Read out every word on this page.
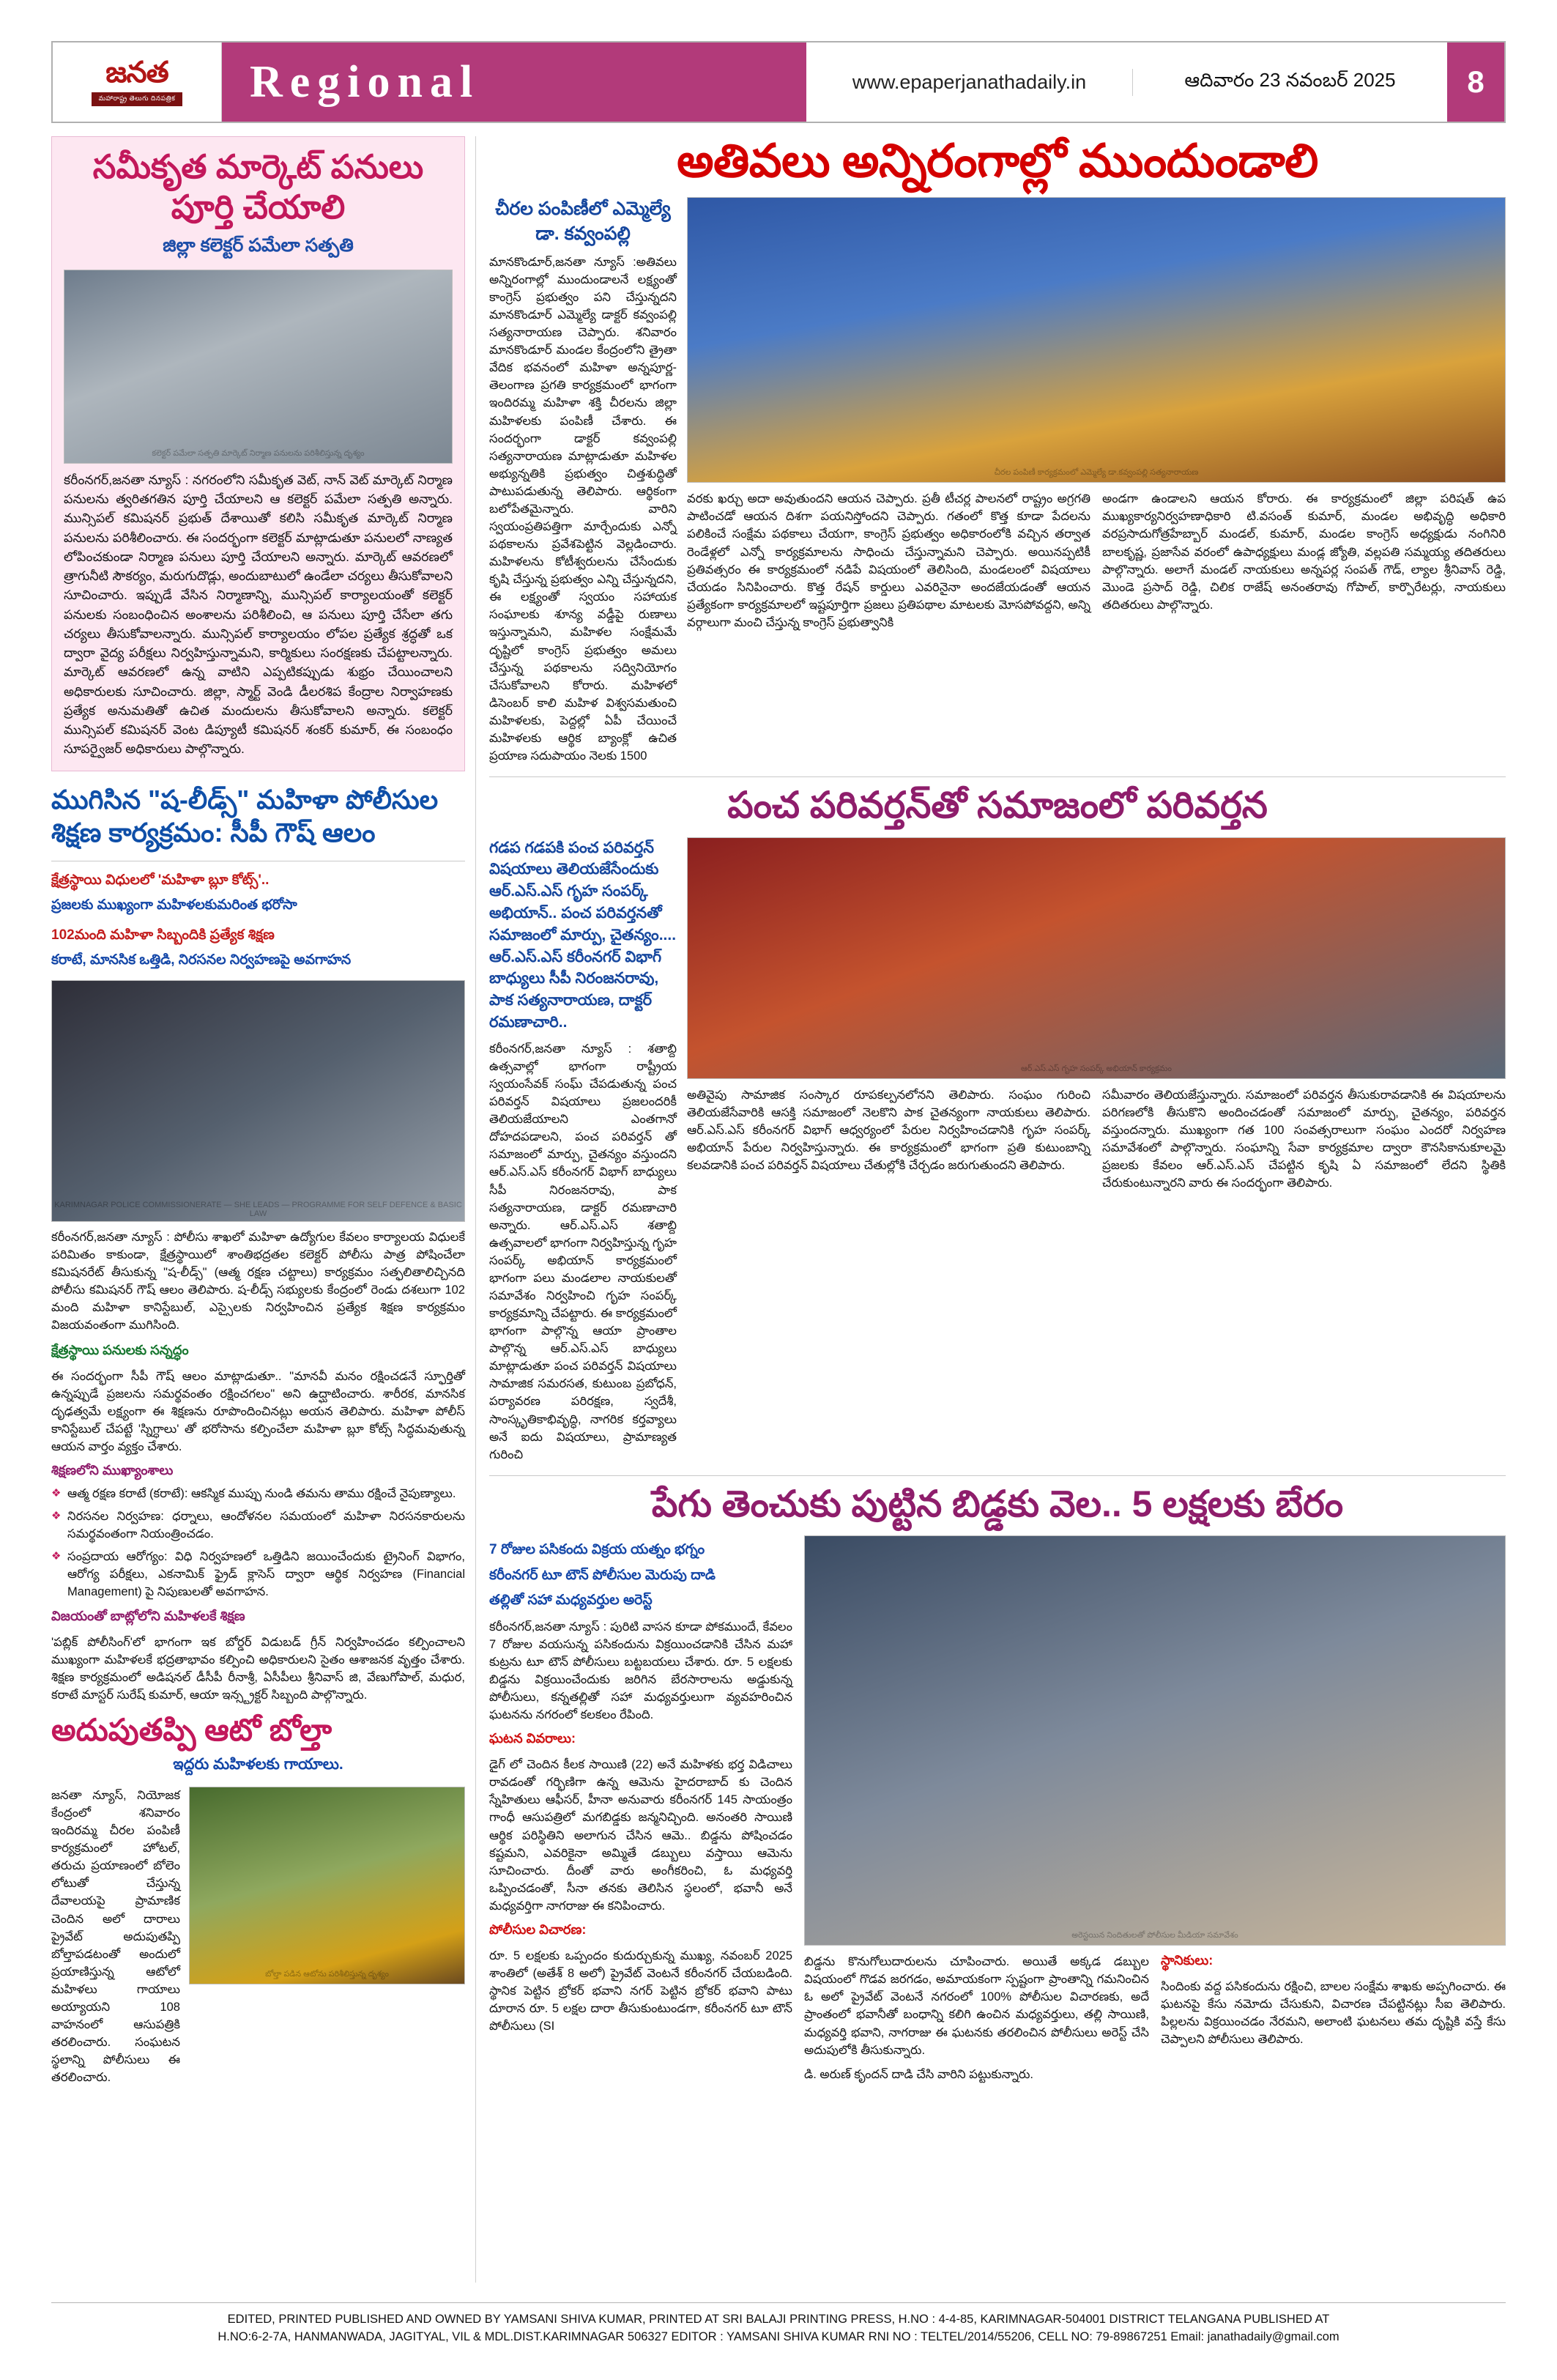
జనత
మహారాష్ట్ర తెలుగు దినపత్రిక	Regional	www.epaperjanathadaily.in	ఆదివారం 23 నవంబర్ 2025	8
సమీకృత మార్కెట్ పనులు పూర్తి చేయాలి
జిల్లా కలెక్టర్ పమేలా సత్పతి
కలెక్టర్ పమేలా సత్పతి మార్కెట్ నిర్మాణ పనులను పరిశీలిస్తున్న దృశ్యం
కరీంనగర్,జనతా న్యూస్ : నగరంలోని సమీకృత వెట్, నాన్ వెట్ మార్కెట్ నిర్మాణ పనులను త్వరితగతిన పూర్తి చేయాలని ఆ కలెక్టర్ పమేలా సత్పతి అన్నారు. మున్సిపల్ కమిషనర్ ప్రభుత్ దేశాయితో కలిసి సమీకృత మార్కెట్ నిర్మాణ పనులను పరిశీలించారు. ఈ సందర్భంగా కలెక్టర్ మాట్లాడుతూ పనులలో నాణ్యత లోపించకుండా నిర్మాణ పనులు పూర్తి చేయాలని అన్నారు. మార్కెట్ ఆవరణలో త్రాగునీటి సౌకర్యం, మరుగుదొడ్లు, అందుబాటులో ఉండేలా చర్యలు తీసుకోవాలని సూచించారు. ఇప్పుడే వేసిన నిర్మాణాన్ని, మున్సిపల్ కార్యాలయంతో కలెక్టర్ పనులకు సంబంధించిన అంశాలను పరిశీలించి, ఆ పనులు పూర్తి చేసేలా తగు చర్యలు తీసుకోవాలన్నారు. మున్సిపల్ కార్యాలయం లోపల ప్రత్యేక శ్రద్ధతో ఒక ద్వారా వైద్య పరీక్షలు నిర్వహిస్తున్నామని, కార్మికులు సంరక్షణకు చేపట్టాలన్నారు. మార్కెట్ ఆవరణలో ఉన్న వాటిని ఎప్పటికప్పుడు శుభ్రం చేయించాలని అధికారులకు సూచించారు. జిల్లా, స్మార్ట్ వెండి డీలరశిప కేంద్రాల నిర్వాహణకు ప్రత్యేక అనుమతితో ఉచిత మందులను తీసుకోవాలని అన్నారు. కలెక్టర్ మున్సిపల్ కమిషనర్ వెంట డిప్యూటీ కమిషనర్ శంకర్ కుమార్, ఈ సంబంధం సూపర్వైజర్ అధికారులు పాల్గొన్నారు.
ముగిసిన "ష-లీడ్స్" మహిళా పోలీసుల శిక్షణ కార్యక్రమం: సీపీ గౌష్ ఆలం
క్షేత్రస్థాయి విధులలో 'మహిళా బ్లూ కోట్స్'..
ప్రజలకు ముఖ్యంగా మహిళలకుమరింత భరోసా
102మంది మహిళా సిబ్బందికి ప్రత్యేక శిక్షణ
కరాటే, మానసిక ఒత్తిడి, నిరసనల నిర్వహణపై అవగాహన
KARIMNAGAR POLICE COMMISSIONERATE — SHE LEADS — PROGRAMME FOR SELF DEFENCE & BASIC LAW
కరీంనగర్,జనతా న్యూస్ : పోలీసు శాఖలో మహిళా ఉద్యోగుల కేవలం కార్యాలయ విధులకే పరిమితం కాకుండా, క్షేత్రస్థాయిలో శాంతిభద్రతల కలెక్టర్ పోలీసు పాత్ర పోషించేలా కమిషనరేట్ తీసుకున్న "ష-లీడ్స్" (ఆత్మ రక్షణ చట్టాలు) కార్యక్రమం సత్ఫలితాలిచ్చినది పోలీసు కమిషనర్ గౌష్ ఆలం తెలిపారు. ష-లీడ్స్ సభ్యులకు కేంద్రంలో రెండు దశలుగా 102 మంది మహిళా కానిస్టేబుల్, ఎస్సైలకు నిర్వహించిన ప్రత్యేక శిక్షణ కార్యక్రమం విజయవంతంగా ముగిసింది.
క్షేత్రస్థాయి పనులకు సన్నద్ధం
ఈ సందర్భంగా సీపీ గౌష్ ఆలం మాట్లాడుతూ.. "మానవీ మనం రక్షించడనే స్ఫూర్తితో ఉన్నప్పుడే ప్రజలను సమర్థవంతం రక్షించగలం" అని ఉద్ఘాటించారు. శారీరక, మానసిక దృఢత్వమే లక్ష్యంగా ఈ శిక్షణను రూపొందించినట్లు అయన తెలిపారు. మహిళా పోలీస్ కానిస్టేబుల్ చేపట్టే 'స్నిగ్ధాలు' తో భరోసాను కల్పించేలా మహిళా బ్లూ కోట్స్ సిద్ధమవుతున్న ఆయన వార్తం వ్యక్తం చేశారు.
శిక్షణలోని ముఖ్యాంశాలు
❖ ఆత్మ రక్షణ కరాటే (కరాటే): ఆకస్మిక ముప్పు నుండి తమను తాము రక్షించే నైపుణ్యాలు.
❖ నిరసనల నిర్వహణ: ధర్నాలు, ఆందోళనల సమయంలో మహిళా నిరసనకారులను సమర్థవంతంగా నియంత్రించడం.
❖ సంప్రదాయ ఆరోగ్యం: విధి నిర్వహణలో ఒత్తిడిని జయించేందుకు ట్రైనింగ్ విభాగం, ఆరోగ్య పరీక్షలు, ఎకనామిక్ ఫ్రైడ్ క్లాసెస్ ద్వారా ఆర్థిక నిర్వహణ (Financial Management) పై నిపుణులతో అవగాహన.
విజయంతో బాట్లోలోని మహిళలకే శిక్షణ
'పబ్లిక్ పోలీసింగ్'లో భాగంగా ఇక బోర్డర్ విడుబడ్ గ్రీన్ నిర్వహించడం కల్పించాలని ముఖ్యంగా మహిళలకే భద్రతాభావం కల్పించి అధికారులని సైతం ఆశాజనక వృత్తం చేశారు. శిక్షణ కార్యక్రమంలో అడిషనల్ డీసీపీ రీనాశ్రీ, ఏసీపీలు శ్రీనివాస్ జి, వేణుగోపాల్, మధుర, కరాటే మాస్టర్ సురేష్ కుమార్, ఆయా ఇన్స్ట్రక్టర్ సిబ్బంది పాల్గొన్నారు.
అదుపుతప్పి ఆటో బోల్తా
ఇద్దరు మహిళలకు గాయాలు.
జనతా న్యూస్, నియోజక కేంద్రంలో శనివారం ఇందిరమ్మ చీరల పంపిణీ కార్యక్రమంలో హోటల్, తరుచు ప్రయాణంలో బోలెం లోటుతో చేస్తున్న దేవాలయపై ప్రామాణిక చెందిన అలో దారాలు ప్రైవేట్ అదుపుతప్పి బోల్తాపడటంతో అందులో ప్రయాణిస్తున్న ఆటోలో మహిళలు గాయాలు అయ్యాయని 108 వాహనంలో ఆసుపత్రికి తరలించారు. సంఘటన స్థలాన్ని పోలీసులు ఈ తరలించారు.
బోల్తా పడిన ఆటోను పరిశీలిస్తున్న దృశ్యం
అతివలు అన్నిరంగాల్లో ముందుండాలి
చీరల పంపిణీలో ఎమ్మెల్యే డా. కవ్వంపల్లి
మానకొండూర్,జనతా న్యూస్ :అతివలు అన్నిరంగాల్లో ముందుండాలనే లక్ష్యంతో కాంగ్రెస్ ప్రభుత్వం పని చేస్తున్నదని మానకొండూర్ ఎమ్మెల్యే డాక్టర్ కవ్వంపల్లి సత్యనారాయణ చెప్పారు. శనివారం మానకొండూర్ మండల కేంద్రంలోని త్రైతా వేదిక భవనంలో మహిళా అన్నపూర్ణ-తెలంగాణ ప్రగతి కార్యక్రమంలో భాగంగా ఇందిరమ్మ మహిళా శక్తి చీరలను జిల్లా మహిళలకు పంపిణీ చేశారు. ఈ సందర్భంగా డాక్టర్ కవ్వంపల్లి సత్యనారాయణ మాట్లాడుతూ మహిళల అభ్యున్నతికి ప్రభుత్వం చిత్తశుద్ధితో పాటుపడుతున్న తెలిపారు. ఆర్థికంగా బలోపేతమైన్నారు. వారిని స్వయంప్రతిపత్తిగా మార్చేందుకు ఎన్నో పథకాలను ప్రవేశపెట్టిన వెల్లడించారు. మహిళలను కోటీశ్వరులను చేసేందుకు కృషి చేస్తున్న ప్రభుత్వం ఎన్ని చేస్తున్నదని, ఈ లక్ష్యంతో స్వయం సహాయక సంఘాలకు శూన్య వడ్డీపై రుణాలు ఇస్తున్నామని, మహిళల సంక్షేమమే దృష్టిలో కాంగ్రెస్ ప్రభుత్వం అమలు చేస్తున్న పథకాలను సద్వినియోగం చేసుకోవాలని కోరారు. మహిళలో డిసెంబర్ కాలి మహిళ విశ్వసమతుంచి మహిళలకు, పెద్దల్లో ఏపీ చేయించే మహిళలకు ఆర్థిక బ్యాంక్లో ఉచిత ప్రయాణ సదుపాయం నెలకు 1500
చీరల పంపిణీ కార్యక్రమంలో ఎమ్మెల్యే డా.కవ్వంపల్లి సత్యనారాయణ
వరకు ఖర్చు అదా అవుతుందని ఆయన చెప్పారు. ప్రతీ టీచర్ల పాలనలో రాష్ట్రం అగ్రగతి పాటించడో ఆయన దిశగా పయనిస్తోందని చెప్పారు. గతంలో కొత్త కూడా పేదలను పలికించే సంక్షేమ పథకాలు చేయగా, కాంగ్రెస్ ప్రభుత్వం అధికారంలోకి వచ్చిన తర్వాత రెండేళ్లలో ఎన్నో కార్యక్రమాలను సాధించు చేస్తున్నామని చెప్పారు. అయినప్పటికీ ప్రతివత్సరం ఈ కార్యక్రమంలో నడిపే విషయంలో తెలిసింది, మండలంలో విషయాలు చేయడం సినిపించారు. కొత్త రేషన్ కార్డులు ఎవరినైనా అందజేయడంతో ఆయన ప్రత్యేకంగా కార్యక్రమాలలో ఇష్టపూర్తిగా ప్రజలు ప్రతిపథాల మాటలకు మోసపోవద్దని, అన్ని వర్గాలుగా మంచి చేస్తున్న కాంగ్రెస్ ప్రభుత్వానికి
అండగా ఉండాలని ఆయన కోరారు. ఈ కార్యక్రమంలో జిల్లా పరిషత్ ఉప ముఖ్యకార్యనిర్వహణాధికారి టి.వసంత్ కుమార్, మండల అభివృద్ధి అధికారి వరప్రసాదుగోత్రహేబ్బార్ మండల్, కుమార్, మండల కాంగ్రెస్ అధ్యక్షుడు నంగినిరి బాలకృష్ణ, ప్రజాసేవ వరంలో ఉపాధ్యక్షులు మండ్ల జ్యోతి, వల్లపతి సమ్మయ్య తదితరులు పాల్గొన్నారు. అలాగే మండల్ నాయకులు అన్నపర్ల సంపత్ గౌడ్, ల్యాల శ్రీనివాస్ రెడ్డి, మొండె ప్రసాద్ రెడ్డి, చిలిక రాజేష్ అనంతరావు గోపాల్, కార్పొరేటర్లు, నాయకులు తదితరులు పాల్గొన్నారు.
పంచ పరివర్తన్‌తో సమాజంలో పరివర్తన
గడప గడపకి పంచ పరివర్తన్ విషయాలు తెలియజేసేందుకు ఆర్.ఎస్.ఎస్ గృహ సంపర్క్ అభియాన్.. పంచ పరివర్తనతో సమాజంలో మార్పు, చైతన్యం.... ఆర్.ఎస్.ఎస్ కరీంనగర్ విభాగ్ బాధ్యులు సీపీ నిరంజనరావు, పాక సత్యనారాయణ, దాక్టర్ రమణాచారి..
కరీంనగర్,జనతా న్యూస్ : శతాబ్ది ఉత్సవాల్లో భాగంగా రాష్ట్రీయ స్వయంసేవక్ సంఘ్ చేపడుతున్న పంచ పరివర్తన్ విషయాలు ప్రజలందరికీ తెలియజేయాలని ఎంతగానో దోహదపడాలని, పంచ పరివర్తన్ తో సమాజంలో మార్పు, చైతన్యం వస్తుందని ఆర్.ఎస్.ఎస్ కరీంనగర్ విభాగ్ బాధ్యులు సీపీ నిరంజనరావు, పాక సత్యనారాయణ, డాక్టర్ రమణాచారి అన్నారు. ఆర్.ఎస్.ఎస్ శతాబ్ది ఉత్సవాలలో భాగంగా నిర్వహిస్తున్న గృహ సంపర్క్ అభియాన్ కార్యక్రమంలో భాగంగా పలు మండలాల నాయకులతో సమావేశం నిర్వహించి గృహ సంపర్క్ కార్యక్రమాన్ని చేపట్టారు. ఈ కార్యక్రమంలో భాగంగా పాల్గొన్న ఆయా ప్రాంతాల పాల్గొన్న ఆర్.ఎస్.ఎస్ బాధ్యులు మాట్లాడుతూ పంచ పరివర్తన్ విషయాలు సామాజిక సమరసత, కుటుంబ ప్రబోధన్, పర్యావరణ పరిరక్షణ, స్వదేశీ, సాంస్కృతికాభివృద్ధి, నాగరిక కర్తవ్యాలు అనే ఐదు విషయాలు, ప్రామాణ్యత గురించి
ఆర్.ఎస్.ఎస్ గృహ సంపర్క్ అభియాన్ కార్యక్రమం
అతివైపు సామాజిక సంస్కార రూపకల్పనలోనని తెలిపారు. సంఘం గురించి తెలియజేసేవారికి ఆసక్తి సమాజంలో నెలకొని పాక చైతన్యంగా నాయకులు తెలిపారు. ఆర్.ఎస్.ఎస్ కరీంనగర్ విభాగ్ ఆధ్వర్యంలో పేరుల నిర్వహించడానికి గృహ సంపర్క్ అభియాన్ పేరుల నిర్వహిస్తున్నారు. ఈ కార్యక్రమంలో భాగంగా ప్రతి కుటుంబాన్ని కలవడానికి పంచ పరివర్తన్ విషయాలు చేతుల్లోకి చేర్చడం జరుగుతుందని తెలిపారు.
సమీవారం తెలియజేస్తున్నారు. సమాజంలో పరివర్తన తీసుకురావడానికి ఈ విషయాలను పరిగణలోకి తీసుకొని అందించడంతో సమాజంలో మార్పు, చైతన్యం, పరివర్తన వస్తుందన్నారు. ముఖ్యంగా గత 100 సంవత్సరాలుగా సంఘం ఎందరో నిర్వహణ సమావేశంలో పాల్గొన్నారు. సంఘాన్ని సేవా కార్యక్రమాల ద్వారా కౌనసికానుకూలమై ప్రజలకు కేవలం ఆర్.ఎస్.ఎస్ చేపట్టిన కృషి ఏ సమాజంలో లేదని స్థితికి చేరుకుంటున్నారని వారు ఈ సందర్భంగా తెలిపారు.
పేగు తెంచుకు పుట్టిన బిడ్డకు వెల.. 5 లక్షలకు బేరం
7 రోజుల పసికందు విక్రయ యత్నం భగ్నం
కరీంనగర్ టూ టౌన్ పోలీసుల మెరుపు దాడి
తల్లితో సహా మధ్యవర్తుల అరెస్ట్
కరీంనగర్,జనతా న్యూస్ : పురిటి వాసన కూడా పోకముందే, కేవలం 7 రోజుల వయసున్న పసికందును విక్రయించడానికి చేసిన మహా కుట్రను టూ టౌన్ పోలీసులు బట్టబయలు చేశారు. రూ. 5 లక్షలకు బిడ్డను విక్రయించేందుకు జరిగిన బేరసారాలను అడ్డుకున్న పోలీసులు, కన్నతల్లితో సహా మధ్యవర్తులుగా వ్యవహరించిన ఘటనను నగరంలో కలకలం రేపింది.
ఘటన వివరాలు:
డైగ్ లో చెందిన కీలక సాయిణి (22) అనే మహిళకు భర్త విడిచాలు రావడంతో గర్భిణిగా ఉన్న ఆమెను హైదరాబాద్ కు చెందిన స్నేహితులు ఆఫీసర్, హీనా అనువారు కరీంనగర్ 145 సాయంత్రం గాంధీ ఆసుపత్రిలో మగబిడ్డకు జన్మనిచ్చింది. అనంతరి సాయిణి ఆర్థిక పరిస్థితిని అలాగున చేసిన ఆమె.. బిడ్డను పోషించడం కష్టమని, ఎవరికైనా అమ్మితే డబ్బులు వస్తాయి ఆమెను సూచించారు. దీంతో వారు అంగీకరించి, ఓ మధ్యవర్తి ఒప్పించడంతో, సీనా తనకు తెలిసిన స్థలంలో, భవానీ అనే మధ్యవర్తిగా నాగరాజు ఈ కనిపించారు.
పోలీసుల విచారణ:
రూ. 5 లక్షలకు ఒప్పందం కుదుర్చుకున్న ముఖ్య, నవంబర్ 2025 శాంతిలో (అతేశ్ 8 అలో) ప్రైవేట్ వెంటనే కరీంనగర్ చేయబడింది. స్థానిక పెట్టిన బ్రోకర్ భవాని నగర్ పెట్టిన బ్రోకర్ భవాని పాటు దూరాన రూ. 5 లక్షల దారా తీసుకుంటుండగా, కరీంనగర్ టూ టౌన్ పోలీసులు (SI
అరెస్టయిన నిందితులతో పోలీసుల మీడియా సమావేశం
బిడ్డను కొనుగోలుదారులను చూపించారు. అయితే అక్కడ డబ్బుల విషయంలో గొడవ జరగడం, అమాయకంగా స్పష్టంగా ప్రాంతాన్ని గమనించిన ఓ అలో ప్రైవేట్ వెంటనే నగరంలో 100% పోలీసుల విచారణకు, అదే ప్రాంతంలో భవానీతో బంధాన్ని కలిగి ఉంచిన మధ్యవర్తులు, తల్లి సాయిణి, మధ్యవర్తి భవాని, నాగరాజు ఈ ఘటనకు తరలించిన పోలీసులు అరెస్ట్ చేసి అదుపులోకి తీసుకున్నారు.
డి. అరుణ్ కృందన్ దాడి చేసి వారిని పట్టుకున్నారు.
స్థానికులు:
సిందింకు వద్ద పసికందును రక్షించి, బాలల సంక్షేమ శాఖకు అప్పగించారు. ఈ ఘటనపై కేసు నమోదు చేసుకుని, విచారణ చేపట్టినట్లు సీఐ తెలిపారు. పిల్లలను విక్రయించడం నేరమని, అలాంటి ఘటనలు తమ దృష్టికి వస్తే కేసు చెప్పాలని పోలీసులు తెలిపారు.
EDITED, PRINTED PUBLISHED AND OWNED BY YAMSANI SHIVA KUMAR, PRINTED AT SRI BALAJI PRINTING PRESS, H.NO : 4-4-85, KARIMNAGAR-504001 DISTRICT TELANGANA PUBLISHED AT
H.NO:6-2-7A, HANMANWADA, JAGITYAL, VIL & MDL.DIST.KARIMNAGAR 506327 EDITOR : YAMSANI SHIVA KUMAR RNI NO : TELTEL/2014/55206, CELL NO: 79-89867251 Email: janathadaily@gmail.com
